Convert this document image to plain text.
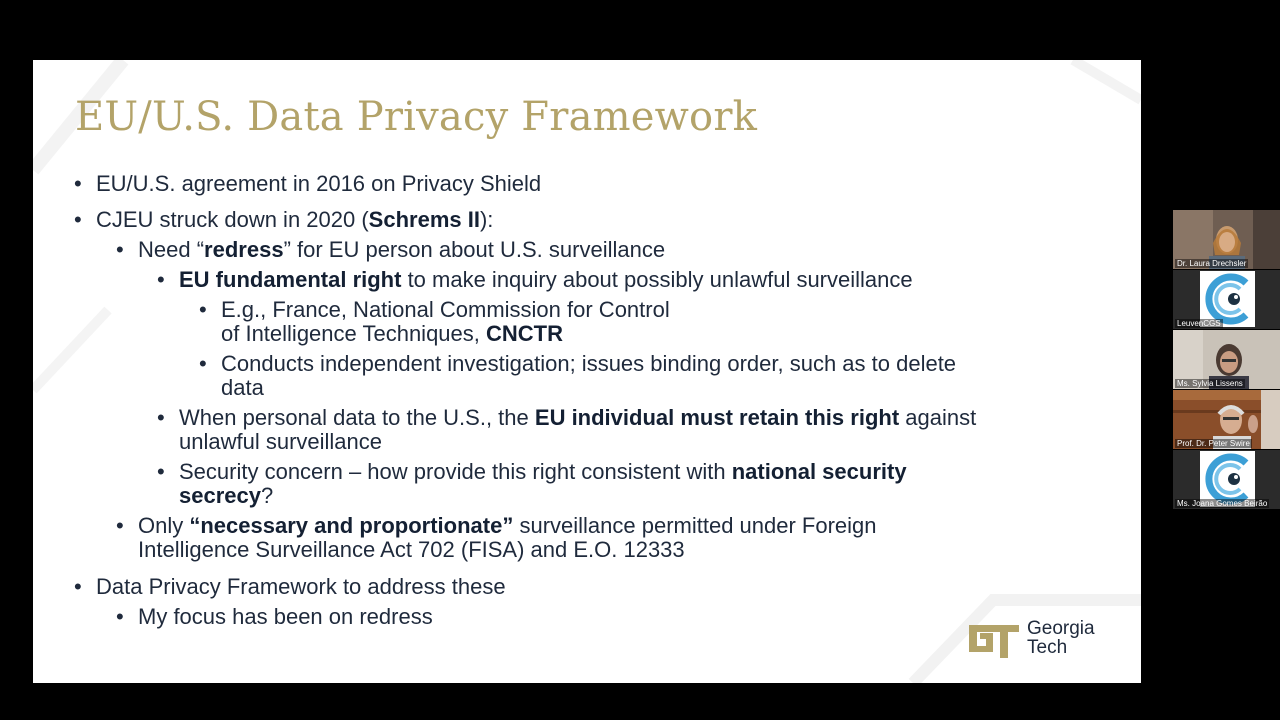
EU/U.S. Data Privacy Framework

• EU/U.S. agreement in 2016 on Privacy Shield

• CJEU struck down in 2020 (Schrems II):

• Need “redress” for EU person about U.S. surveillance

• EU fundamental right to make inquiry about possibly unlawful surveillance

• E.g., France, National Commission for Control

of Intelligence Techniques, CNCTR

• Conducts independent investigation; issues binding order, such as to delete

data

• When personal data to the U.S., the EU individual must retain this right against

unlawful surveillance

• Security concern – how provide this right consistent with national security

secrecy?

• Only “necessary and proportionate” surveillance permitted under Foreign

Intelligence Surveillance Act 702 (FISA) and E.O. 12333

• Data Privacy Framework to address these

• My focus has been on redress	Georgia
Tech
Dr. Laura Drechsler
LeuvenCGS
Ms. Sylvia Lissens
Prof. Dr. Peter Swire
Ms. Joana Gomes Beirão
